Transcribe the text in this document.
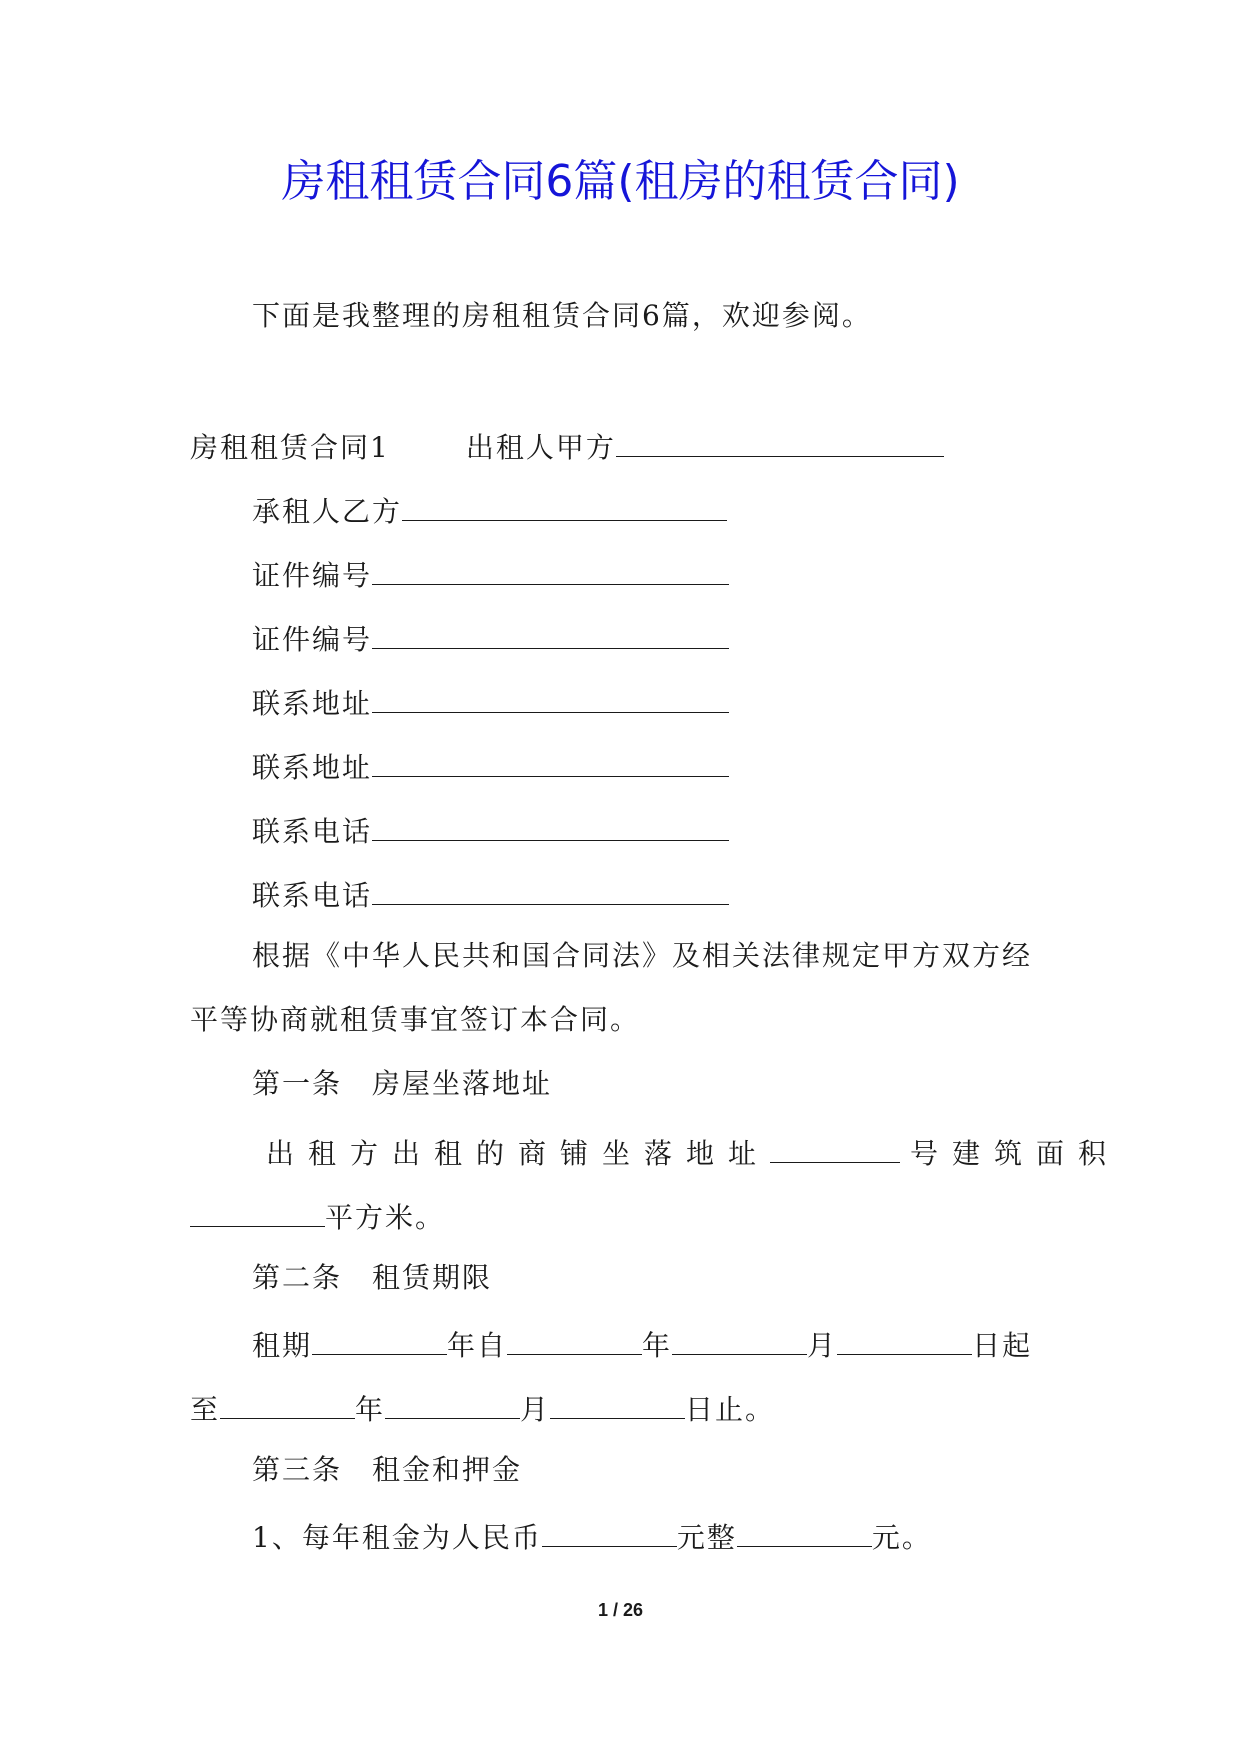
房租租赁合同6篇(租房的租赁合同)
下面是我整理的房租租赁合同6篇，欢迎参阅。
房租租赁合同1	出租人甲方
承租人乙方
证件编号
证件编号
联系地址
联系地址
联系电话
联系电话
根据《中华人民共和国合同法》及相关法律规定甲方双方经
平等协商就租赁事宜签订本合同。
第一条　房屋坐落地址
出租方出租的商铺坐落地址	号建筑面积
平方米。
第二条　租赁期限
租期	年自	年	月	日起
至	年	月	日止。
第三条　租金和押金
1、每年租金为人民币	元整	元。
1 / 26
